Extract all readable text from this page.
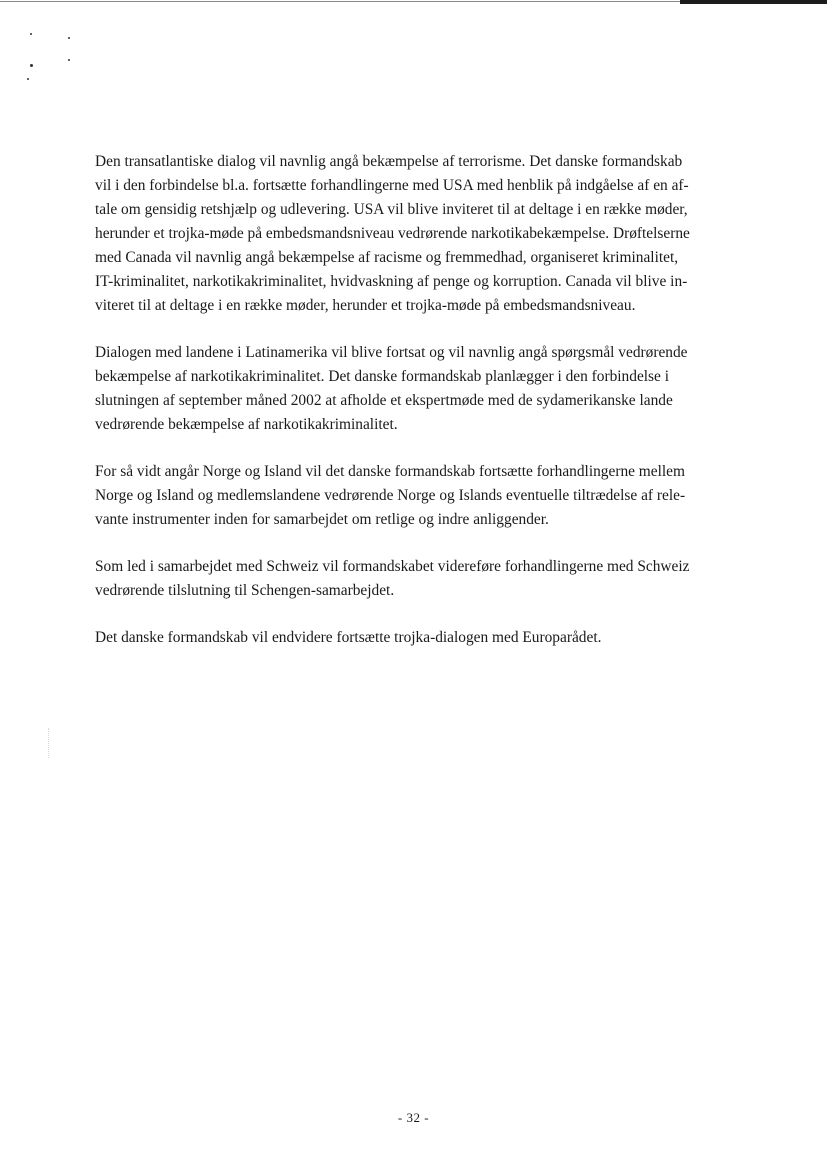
Den transatlantiske dialog vil navnlig angå bekæmpelse af terrorisme. Det danske formandskab
vil i den forbindelse bl.a. fortsætte forhandlingerne med USA med henblik på indgåelse af en af-
tale om gensidig retshjælp og udlevering. USA vil blive inviteret til at deltage i en række møder,
herunder et trojka-møde på embedsmandsniveau vedrørende narkotikabekæmpelse. Drøftelserne
med Canada vil navnlig angå bekæmpelse af racisme og fremmedhad, organiseret kriminalitet,
IT-kriminalitet, narkotikakriminalitet, hvidvaskning af penge og korruption. Canada vil blive in-
viteret til at deltage i en række møder, herunder et trojka-møde på embedsmandsniveau.

Dialogen med landene i Latinamerika vil blive fortsat og vil navnlig angå spørgsmål vedrørende
bekæmpelse af narkotikakriminalitet. Det danske formandskab planlægger i den forbindelse i
slutningen af september måned 2002 at afholde et ekspertmøde med de sydamerikanske lande
vedrørende bekæmpelse af narkotikakriminalitet.

For så vidt angår Norge og Island vil det danske formandskab fortsætte forhandlingerne mellem
Norge og Island og medlemslandene vedrørende Norge og Islands eventuelle tiltrædelse af rele-
vante instrumenter inden for samarbejdet om retlige og indre anliggender.

Som led i samarbejdet med Schweiz vil formandskabet videreføre forhandlingerne med Schweiz
vedrørende tilslutning til Schengen-samarbejdet.

Det danske formandskab vil endvidere fortsætte trojka-dialogen med Europarådet.

- 32 -
